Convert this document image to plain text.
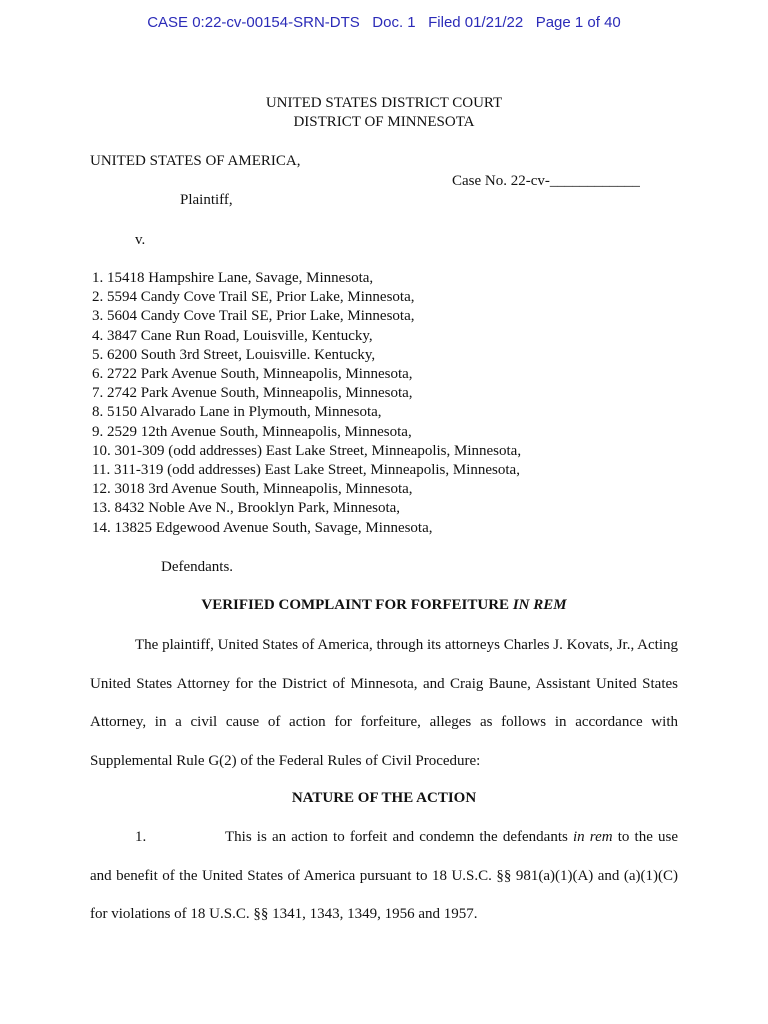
CASE 0:22-cv-00154-SRN-DTS   Doc. 1   Filed 01/21/22   Page 1 of 40
UNITED STATES DISTRICT COURT
DISTRICT OF MINNESOTA
UNITED STATES OF AMERICA,
Case No. 22-cv-____________
Plaintiff,
v.
1. 15418 Hampshire Lane, Savage, Minnesota,
2. 5594 Candy Cove Trail SE, Prior Lake, Minnesota,
3. 5604 Candy Cove Trail SE, Prior Lake, Minnesota,
4. 3847 Cane Run Road, Louisville, Kentucky,
5. 6200 South 3rd Street, Louisville. Kentucky,
6. 2722 Park Avenue South, Minneapolis, Minnesota,
7. 2742 Park Avenue South, Minneapolis, Minnesota,
8. 5150 Alvarado Lane in Plymouth, Minnesota,
9. 2529 12th Avenue South, Minneapolis, Minnesota,
10. 301-309 (odd addresses) East Lake Street, Minneapolis, Minnesota,
11. 311-319 (odd addresses) East Lake Street, Minneapolis, Minnesota,
12. 3018 3rd Avenue South, Minneapolis, Minnesota,
13. 8432 Noble Ave N., Brooklyn Park, Minnesota,
14. 13825 Edgewood Avenue South, Savage, Minnesota,
Defendants.
VERIFIED COMPLAINT FOR FORFEITURE IN REM
The plaintiff, United States of America, through its attorneys Charles J. Kovats, Jr., Acting United States Attorney for the District of Minnesota, and Craig Baune, Assistant United States Attorney, in a civil cause of action for forfeiture, alleges as follows in accordance with Supplemental Rule G(2) of the Federal Rules of Civil Procedure:
NATURE OF THE ACTION
1.	This is an action to forfeit and condemn the defendants in rem to the use and benefit of the United States of America pursuant to 18 U.S.C. §§ 981(a)(1)(A) and (a)(1)(C) for violations of 18 U.S.C. §§ 1341, 1343, 1349, 1956 and 1957.
